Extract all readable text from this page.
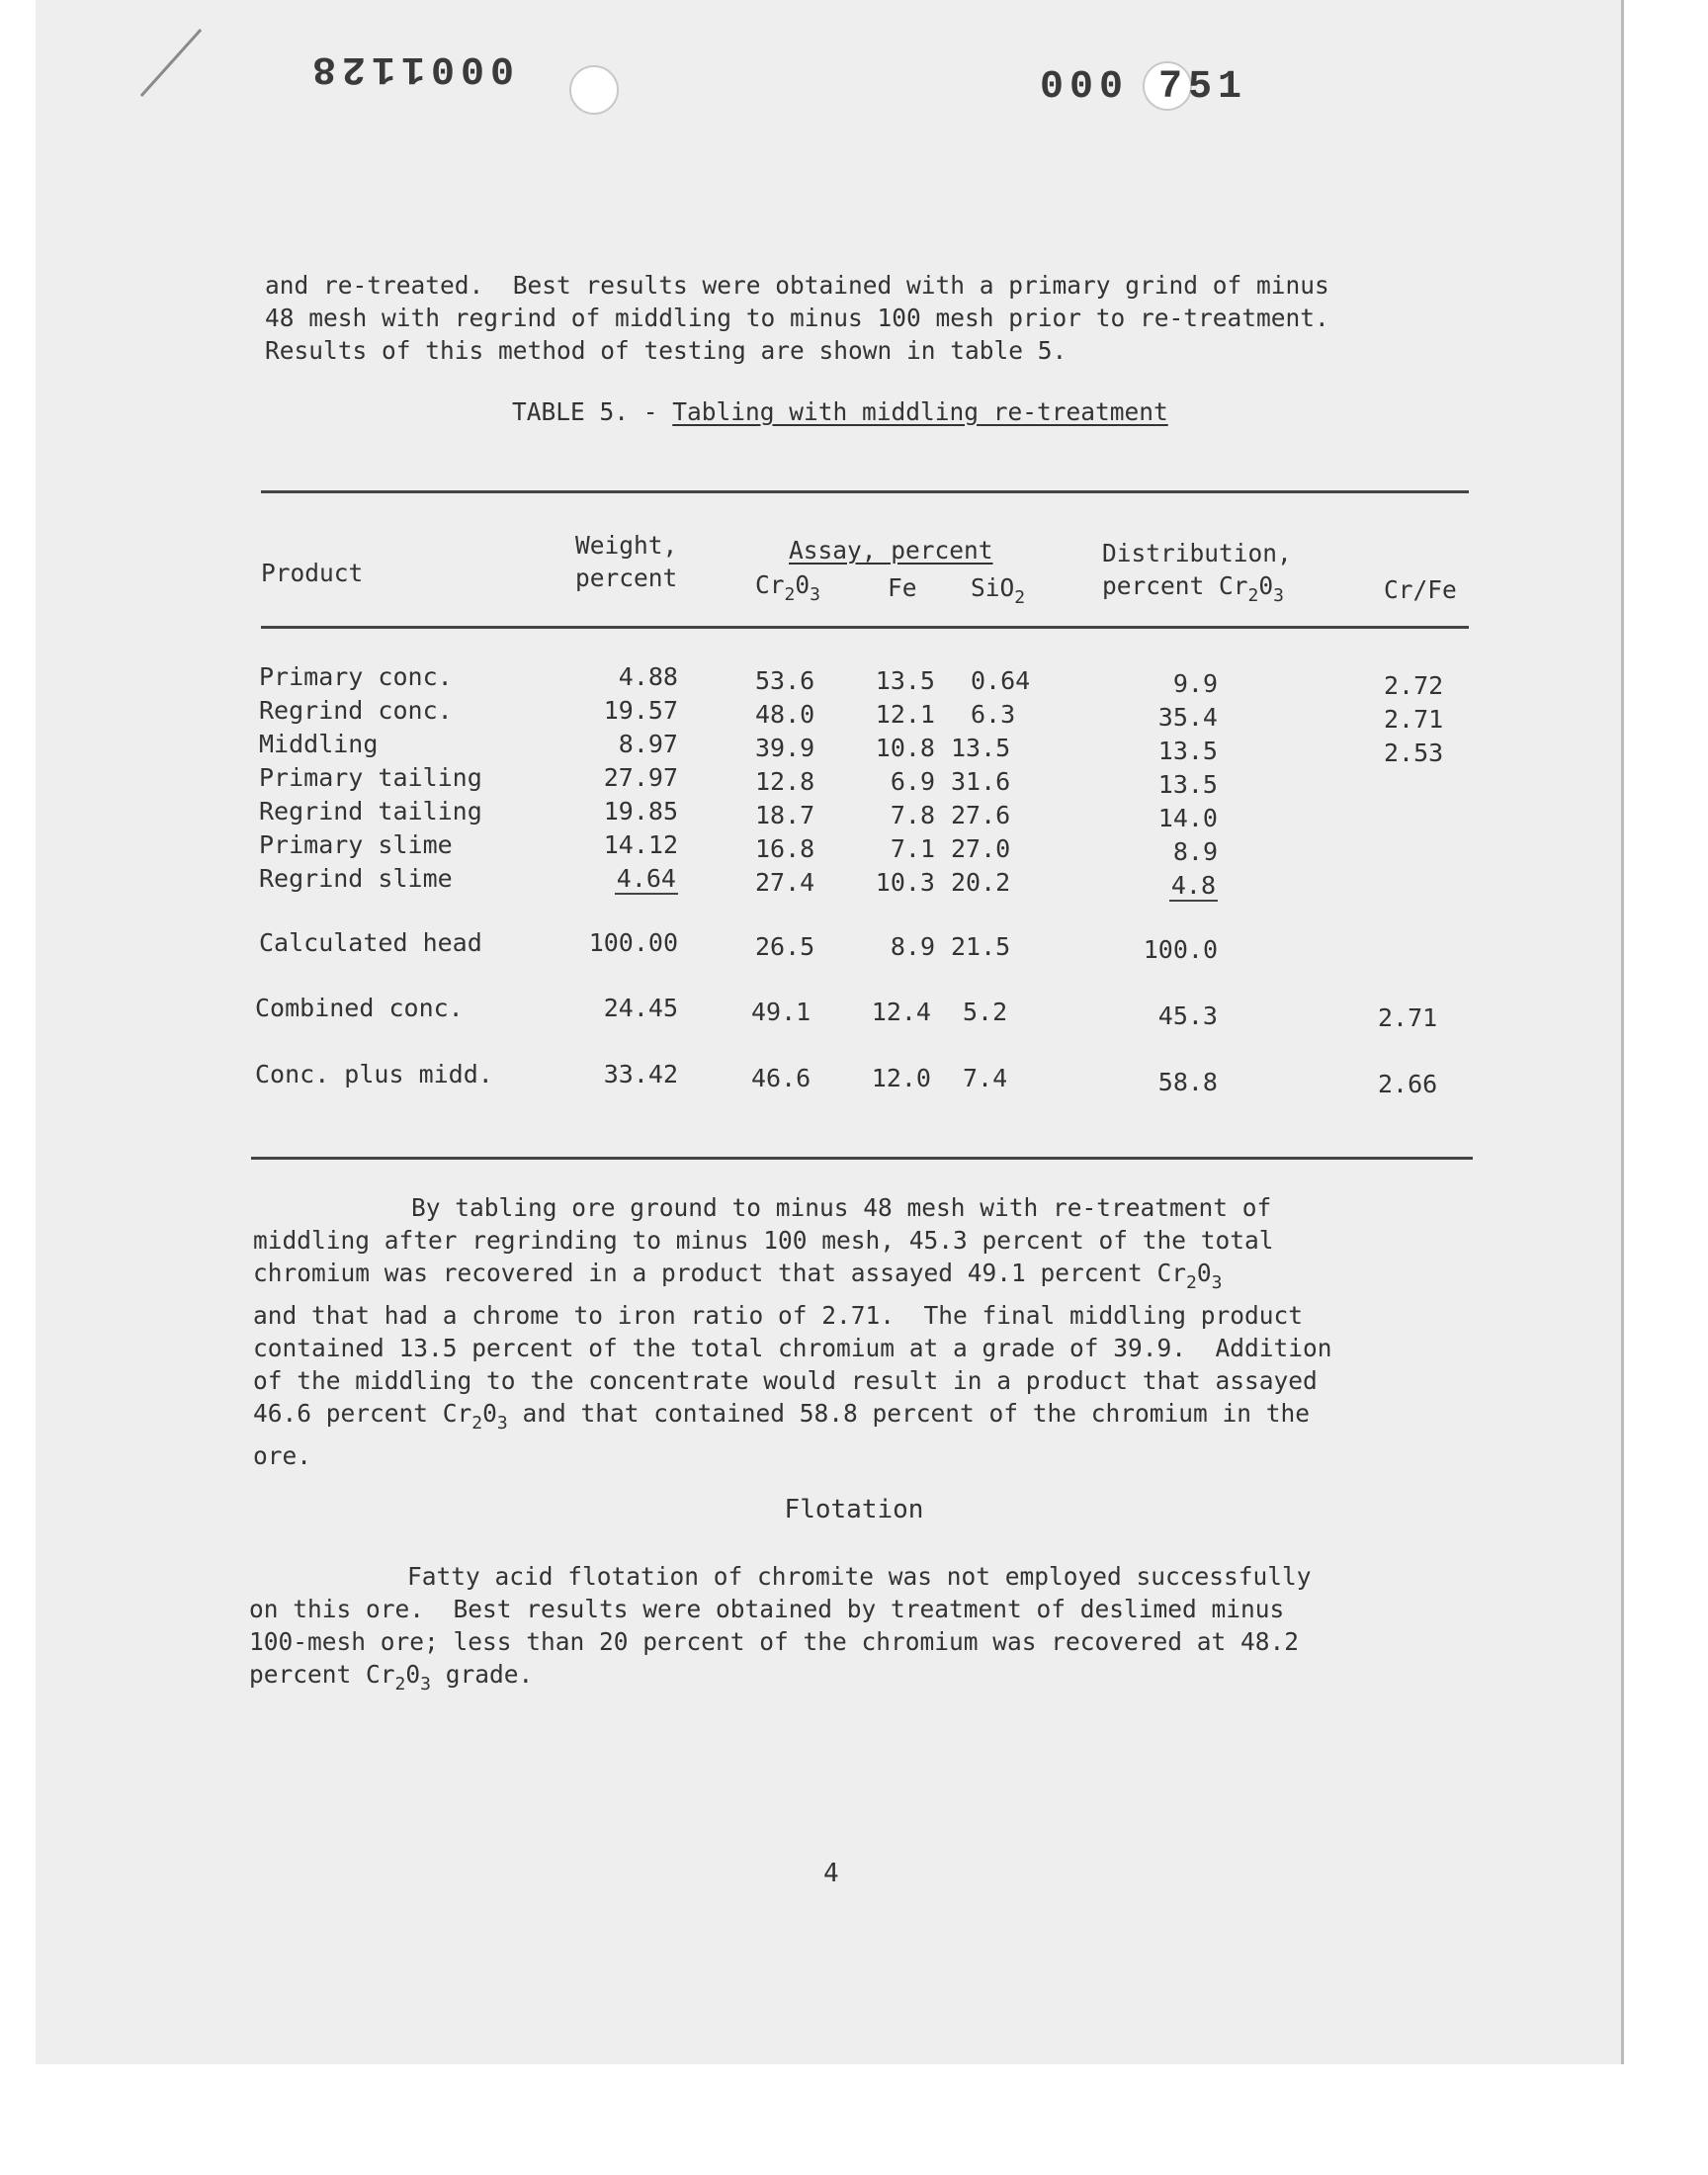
0001128	000 751
and re-treated.  Best results were obtained with a primary grind of minus
48 mesh with regrind of middling to minus 100 mesh prior to re-treatment.
Results of this method of testing are shown in table 5.
TABLE 5. - Tabling with middling re-treatment
Product
Weight,
percent
Assay, percent
$Cr_20_3$	Fe SiO$_2$
Distribution,
percent $Cr_20_3$	Cr/Fe
Primary conc.	4.88	53.6	13.5 0.64	9.9	2.72
Regrind conc.	19.57	48.0	12.1 6.3	35.4	2.71
Middling	8.97	39.9	10.8 13.5	13.5	2.53
Primary tailing	27.97	12.8	6.9 31.6	13.5
Regrind tailing	19.85	18.7	7.8 27.6	14.0
Primary slime	14.12	16.8	7.1 27.0	8.9
Regrind slime	4.64	27.4	10.3 20.2	4.8
Calculated head	100.00	26.5	8.9 21.5	100.0
Combined conc.	24.45	49.1	12.4 5.2	45.3	2.71
Conc. plus midd.	33.42	46.6	12.0 7.4	58.8	2.66
By tabling ore ground to minus 48 mesh with re-treatment of
middling after regrinding to minus 100 mesh, 45.3 percent of the total
chromium was recovered in a product that assayed 49.1 percent $Cr_20_3$
and that had a chrome to iron ratio of 2.71.  The final middling product
contained 13.5 percent of the total chromium at a grade of 39.9.  Addition
of the middling to the concentrate would result in a product that assayed
46.6 percent $Cr_20_3$ and that contained 58.8 percent of the chromium in the
ore.
Flotation
Fatty acid flotation of chromite was not employed successfully
on this ore.  Best results were obtained by treatment of deslimed minus
100-mesh ore; less than 20 percent of the chromium was recovered at 48.2
percent $Cr_20_3$ grade.
4
